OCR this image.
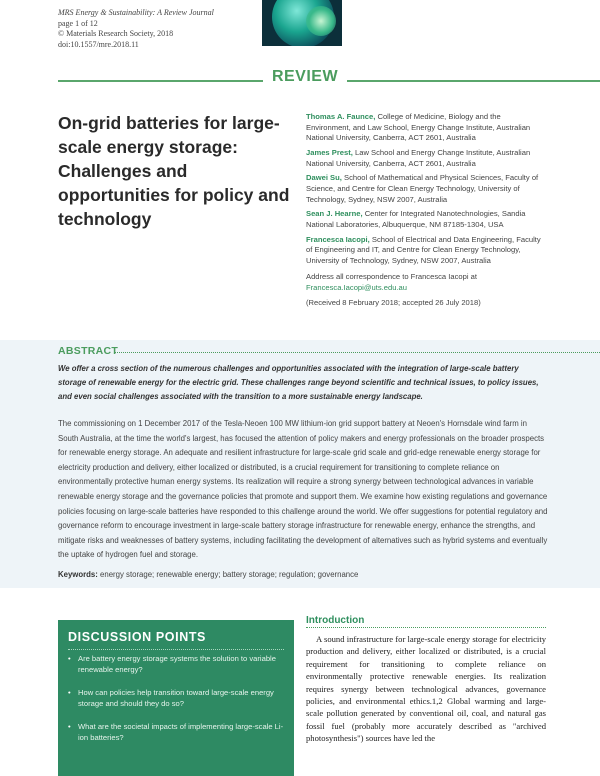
MRS Energy & Sustainability: A Review Journal
page 1 of 12
© Materials Research Society, 2018
doi:10.1557/mre.2018.11
REVIEW
On-grid batteries for large-scale energy storage: Challenges and opportunities for policy and technology
Thomas A. Faunce, College of Medicine, Biology and the Environment, and Law School, Energy Change Institute, Australian National University, Canberra, ACT 2601, Australia
James Prest, Law School and Energy Change Institute, Australian National University, Canberra, ACT 2601, Australia
Dawei Su, School of Mathematical and Physical Sciences, Faculty of Science, and Centre for Clean Energy Technology, University of Technology, Sydney, NSW 2007, Australia
Sean J. Hearne, Center for Integrated Nanotechnologies, Sandia National Laboratories, Albuquerque, NM 87185-1304, USA
Francesca Iacopi, School of Electrical and Data Engineering, Faculty of Engineering and IT, and Centre for Clean Energy Technology, University of Technology, Sydney, NSW 2007, Australia
Address all correspondence to Francesca Iacopi at Francesca.Iacopi@uts.edu.au
(Received 8 February 2018; accepted 26 July 2018)
ABSTRACT

We offer a cross section of the numerous challenges and opportunities associated with the integration of large-scale battery storage of renewable energy for the electric grid. These challenges range beyond scientific and technical issues, to policy issues, and even social challenges associated with the transition to a more sustainable energy landscape.

The commissioning on 1 December 2017 of the Tesla-Neoen 100 MW lithium-ion grid support battery at Neoen's Hornsdale wind farm in South Australia, at the time the world's largest, has focused the attention of policy makers and energy professionals on the broader prospects for renewable energy storage. An adequate and resilient infrastructure for large-scale grid scale and grid-edge renewable energy storage for electricity production and delivery, either localized or distributed, is a crucial requirement for transitioning to complete reliance on environmentally protective human energy systems. Its realization will require a strong synergy between technological advances in variable renewable energy storage and the governance policies that promote and support them. We examine how existing regulations and governance policies focusing on large-scale batteries have responded to this challenge around the world. We offer suggestions for potential regulatory and governance reform to encourage investment in large-scale battery storage infrastructure for renewable energy, enhance the strengths, and mitigate risks and weaknesses of battery systems, including facilitating the development of alternatives such as hybrid systems and eventually the uptake of hydrogen fuel and storage.

Keywords: energy storage; renewable energy; battery storage; regulation; governance
DISCUSSION POINTS
• Are battery energy storage systems the solution to variable renewable energy?
• How can policies help transition toward large-scale energy storage and should they do so?
• What are the societal impacts of implementing large-scale Li-ion batteries?
Introduction

A sound infrastructure for large-scale energy storage for electricity production and delivery, either localized or distributed, is a crucial requirement for transitioning to complete reliance on environmentally protective renewable energies. Its realization requires synergy between technological advances, governance policies, and environmental ethics.1,2 Global warming and large-scale pollution generated by conventional oil, coal, and natural gas fossil fuel (probably more accurately described as "archived photosynthesis") sources have led the
